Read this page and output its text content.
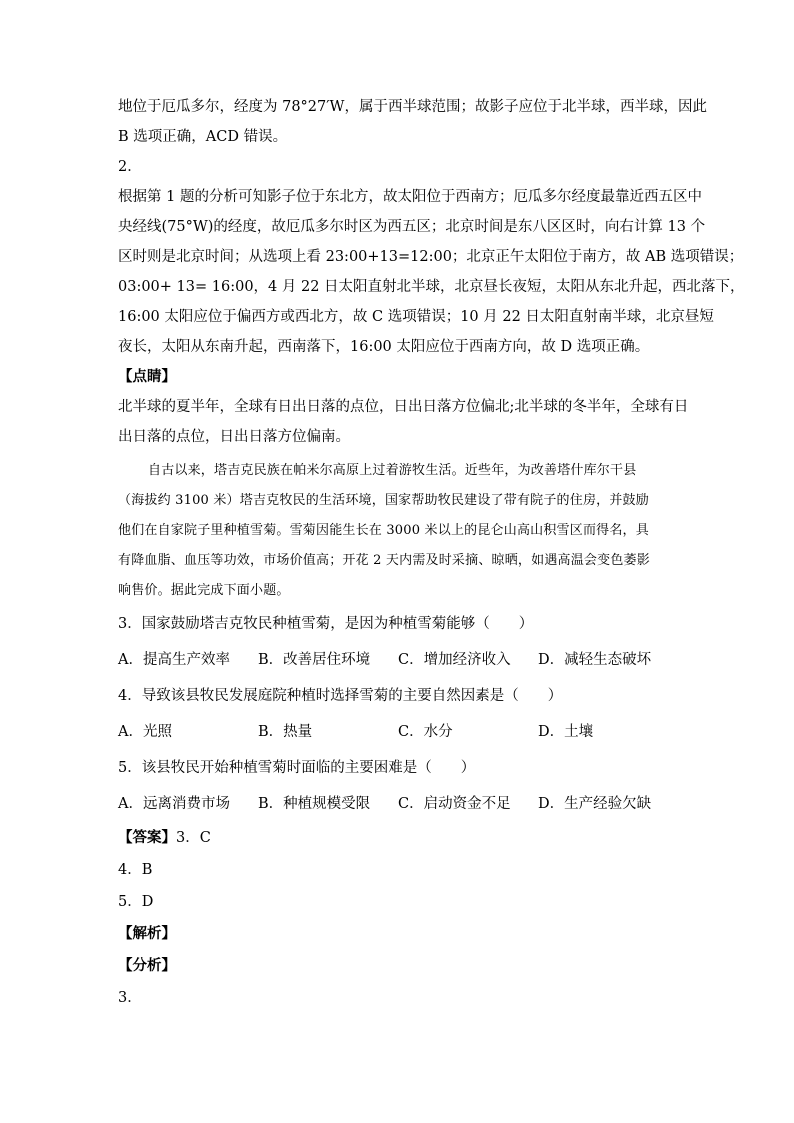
地位于厄瓜多尔，经度为 78°27′W，属于西半球范围；故影子应位于北半球，西半球，因此

B 选项正确，ACD 错误。

2．

根据第 1 题的分析可知影子位于东北方，故太阳位于西南方；厄瓜多尔经度最靠近西五区中

央经线(75°W)的经度，故厄瓜多尔时区为西五区；北京时间是东八区区时，向右计算 13 个

区时则是北京时间；从选项上看 23:00+13=12:00；北京正午太阳位于南方，故 AB 选项错误；

03:00+ 13= 16:00，4 月 22 日太阳直射北半球，北京昼长夜短，太阳从东北升起，西北落下，

16:00 太阳应位于偏西方或西北方，故 C 选项错误；10 月 22 日太阳直射南半球，北京昼短

夜长，太阳从东南升起，西南落下，16:00 太阳应位于西南方向，故 D 选项正确。

【点睛】

北半球的夏半年，全球有日出日落的点位，日出日落方位偏北;北半球的冬半年，全球有日

出日落的点位，日出日落方位偏南。

自古以来，塔吉克民族在帕米尔高原上过着游牧生活。近些年，为改善塔什库尔干县

（海拔约 3100 米）塔吉克牧民的生活环境，国家帮助牧民建设了带有院子的住房，并鼓励

他们在自家院子里种植雪菊。雪菊因能生长在 3000 米以上的昆仑山高山积雪区而得名，具

有降血脂、血压等功效，市场价值高；开花 2 天内需及时采摘、晾晒，如遇高温会变色萎影

响售价。据此完成下面小题。

3．国家鼓励塔吉克牧民种植雪菊，是因为种植雪菊能够（　　）

A．提高生产效率	B．改善居住环境	C．增加经济收入	D．减轻生态破坏

4．导致该县牧民发展庭院种植时选择雪菊的主要自然因素是（　　）

A．光照	B．热量	C．水分	D．土壤

5．该县牧民开始种植雪菊时面临的主要困难是（　　）

A．远离消费市场	B．种植规模受限	C．启动资金不足	D．生产经验欠缺

【答案】3．C

4．B

5．D

【解析】

【分析】

3．
